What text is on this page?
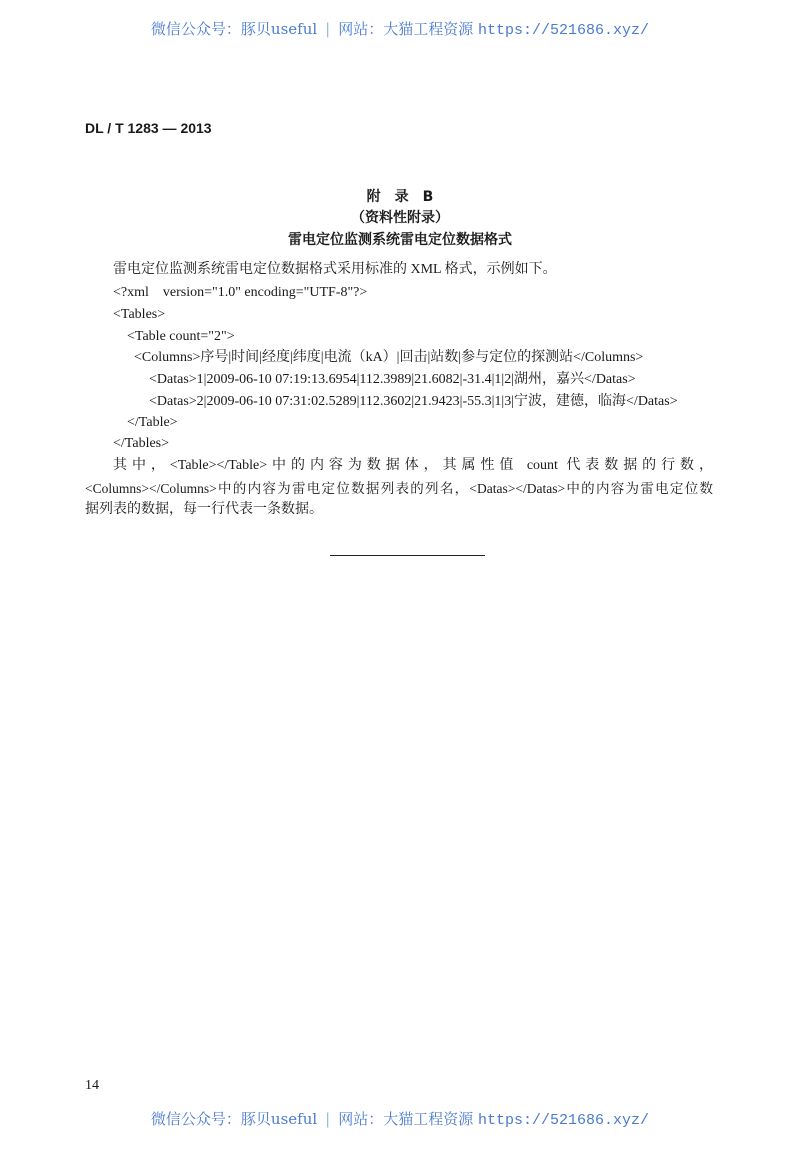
微信公众号：豚贝useful | 网站：大猫工程资源 https://521686.xyz/
DL / T 1283 — 2013
附　录　B
（资料性附录）
雷电定位监测系统雷电定位数据格式
雷电定位监测系统雷电定位数据格式采用标准的 XML 格式，示例如下。
<?xml　version="1.0" encoding="UTF-8"?>
<Tables>
<Table count="2">
<Columns>序号|时间|经度|纬度|电流（kA）|回击|站数|参与定位的探测站</Columns>
<Datas>1|2009-06-10 07:19:13.6954|112.3989|21.6082|-31.4|1|2|湖州，嘉兴</Datas>
<Datas>2|2009-06-10 07:31:02.5289|112.3602|21.9423|-55.3|1|3|宁波，建德，临海</Datas>
</Table>
</Tables>
其中，<Table></Table>中的内容为数据体，其属性值 count 代表数据的行数，
<Columns></Columns>中的内容为雷电定位数据列表的列名，<Datas></Datas>中的内容为雷电定位数
据列表的数据，每一行代表一条数据。
14
微信公众号：豚贝useful | 网站：大猫工程资源 https://521686.xyz/
